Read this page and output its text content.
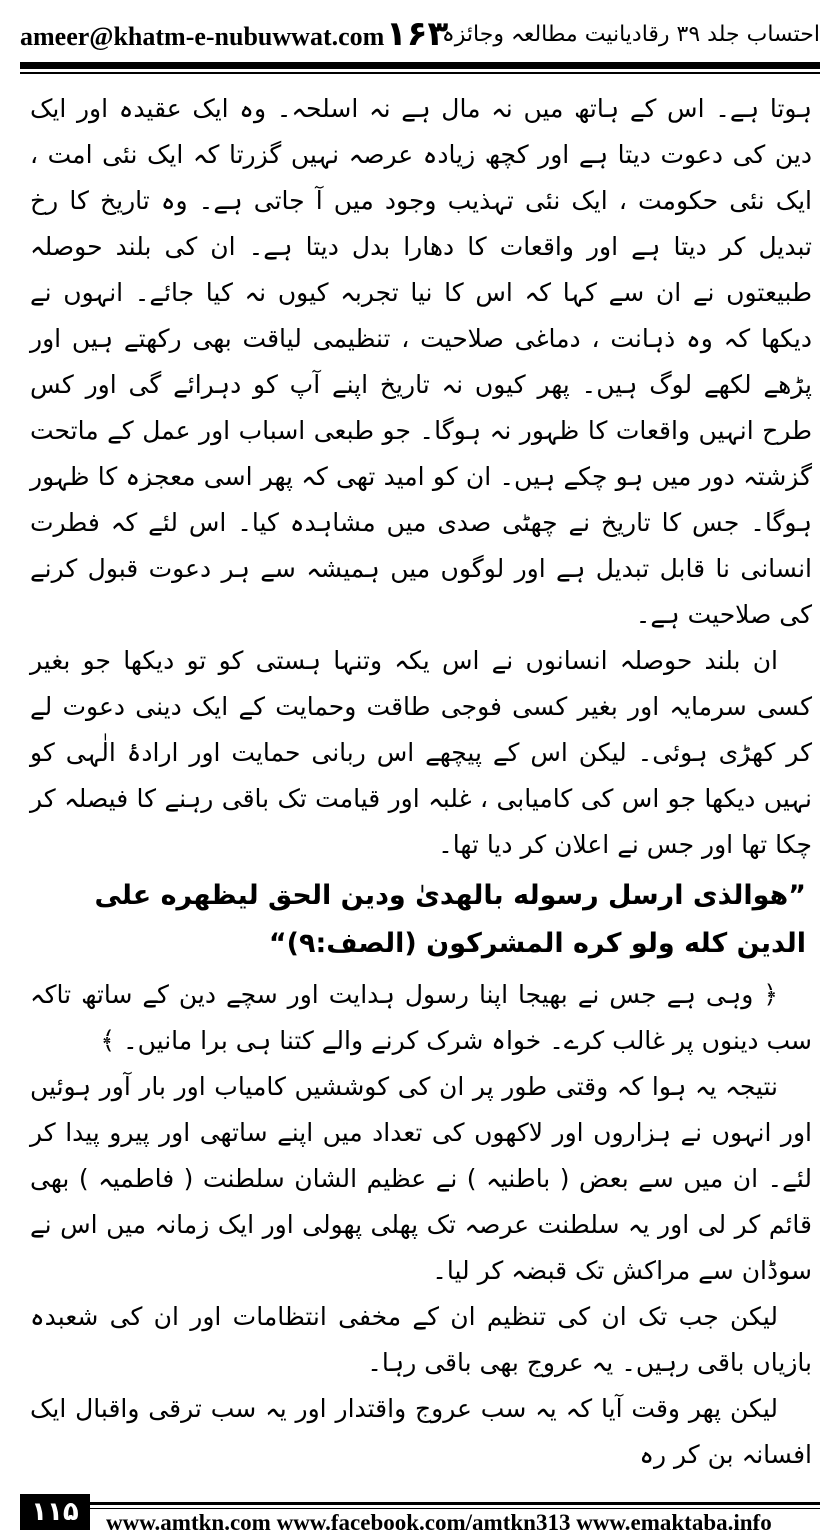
ameer@khatm-e-nubuwwat.com ۱۶۳
احتساب جلد ۳۹ رقادیانیت مطالعہ وجائزہ

ہوتا ہے۔ اس کے ہاتھ میں نہ مال ہے نہ اسلحہ۔ وہ ایک عقیدہ اور ایک دین کی دعوت دیتا ہے اور کچھ زیادہ عرصہ نہیں گزرتا کہ ایک نئی امت ، ایک نئی حکومت ، ایک نئی تہذیب وجود میں آ جاتی ہے۔ وہ تاریخ کا رخ تبدیل کر دیتا ہے اور واقعات کا دھارا بدل دیتا ہے۔ ان کی بلند حوصلہ طبیعتوں نے ان سے کہا کہ اس کا نیا تجربہ کیوں نہ کیا جائے۔ انہوں نے دیکھا کہ وہ ذہانت ، دماغی صلاحیت ، تنظیمی لیاقت بھی رکھتے ہیں اور پڑھے لکھے لوگ ہیں۔ پھر کیوں نہ تاریخ اپنے آپ کو دہرائے گی اور کس طرح انہیں واقعات کا ظہور نہ ہوگا۔ جو طبعی اسباب اور عمل کے ماتحت گزشتہ دور میں ہو چکے ہیں۔ ان کو امید تھی کہ پھر اسی معجزہ کا ظہور ہوگا۔ جس کا تاریخ نے چھٹی صدی میں مشاہدہ کیا۔ اس لئے کہ فطرت انسانی نا قابل تبدیل ہے اور لوگوں میں ہمیشہ سے ہر دعوت قبول کرنے کی صلاحیت ہے۔

ان بلند حوصلہ انسانوں نے اس یکہ وتنہا ہستی کو تو دیکھا جو بغیر کسی سرمایہ اور بغیر کسی فوجی طاقت وحمایت کے ایک دینی دعوت لے کر کھڑی ہوئی۔ لیکن اس کے پیچھے اس ربانی حمایت اور ارادۂ الٰہی کو نہیں دیکھا جو اس کی کامیابی ، غلبہ اور قیامت تک باقی رہنے کا فیصلہ کر چکا تھا اور جس نے اعلان کر دیا تھا۔

”هوالذى ارسل رسوله بالهدىٰ ودين الحق ليظهره على الدين كله ولو كره المشركون (الصف:۹)“

﴿ وہی ہے جس نے بھیجا اپنا رسول ہدایت اور سچے دین کے ساتھ تاکہ سب دینوں پر غالب کرے۔ خواہ شرک کرنے والے کتنا ہی برا مانیں۔ ﴾

نتیجہ یہ ہوا کہ وقتی طور پر ان کی کوششیں کامیاب اور بار آور ہوئیں اور انہوں نے ہزاروں اور لاکھوں کی تعداد میں اپنے ساتھی اور پیرو پیدا کر لئے۔ ان میں سے بعض ( باطنیہ ) نے عظیم الشان سلطنت ( فاطمیہ ) بھی قائم کر لی اور یہ سلطنت عرصہ تک پھلی پھولی اور ایک زمانہ میں اس نے سوڈان سے مراکش تک قبضہ کر لیا۔

لیکن جب تک ان کی تنظیم ان کے مخفی انتظامات اور ان کی شعبدہ بازیاں باقی رہیں۔ یہ عروج بھی باقی رہا۔

لیکن پھر وقت آیا کہ یہ سب عروج واقتدار اور یہ سب ترقی واقبال ایک افسانہ بن کر رہ

۱۱۵	www.amtkn.com www.facebook.com/amtkn313 www.emaktaba.info
